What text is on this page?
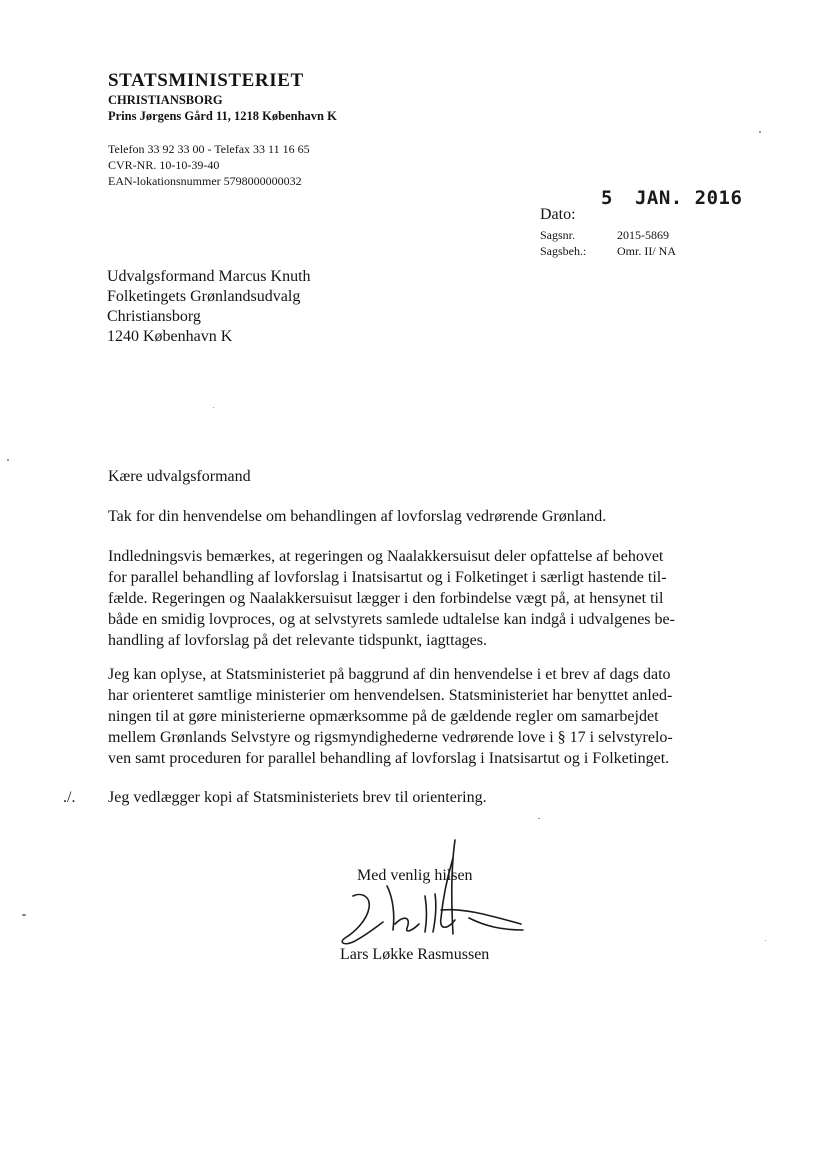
STATSMINISTERIET
CHRISTIANSBORG
Prins Jørgens Gård 11, 1218 København K
Telefon 33 92 33 00 - Telefax 33 11 16 65
CVR-NR. 10-10-39-40
EAN-lokationsnummer 5798000000032
5 JAN. 2016
Dato:
Sagsnr.	2015-5869
Sagsbeh.:	Omr. II/ NA
Udvalgsformand Marcus Knuth
Folketingets Grønlandsudvalg
Christiansborg
1240 København K
Kære udvalgsformand
Tak for din henvendelse om behandlingen af lovforslag vedrørende Grønland.
Indledningsvis bemærkes, at regeringen og Naalakkersuisut deler opfattelse af behovet
for parallel behandling af lovforslag i Inatsisartut og i Folketinget i særligt hastende til-
fælde. Regeringen og Naalakkersuisut lægger i den forbindelse vægt på, at hensynet til
både en smidig lovproces, og at selvstyrets samlede udtalelse kan indgå i udvalgenes be-
handling af lovforslag på det relevante tidspunkt, iagttages.
Jeg kan oplyse, at Statsministeriet på baggrund af din henvendelse i et brev af dags dato
har orienteret samtlige ministerier om henvendelsen. Statsministeriet har benyttet anled-
ningen til at gøre ministerierne opmærksomme på de gældende regler om samarbejdet
mellem Grønlands Selvstyre og rigsmyndighederne vedrørende love i § 17 i selvstyrelo-
ven samt proceduren for parallel behandling af lovforslag i Inatsisartut og i Folketinget.
./. Jeg vedlægger kopi af Statsministeriets brev til orientering.
Med venlig hilsen
Lars Løkke Rasmussen
